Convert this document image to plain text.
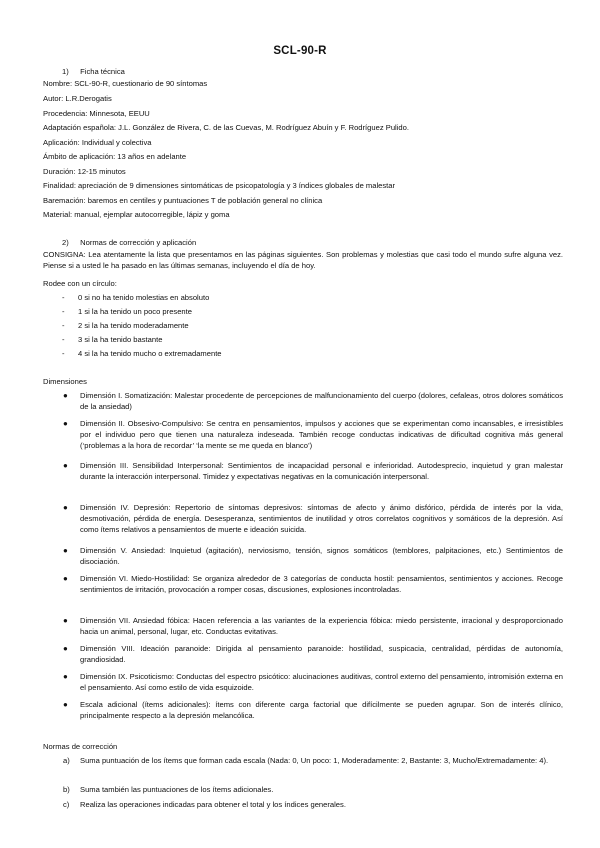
SCL-90-R
1) Ficha técnica
Nombre: SCL-90-R, cuestionario de 90 síntomas
Autor: L.R.Derogatis
Procedencia: Minnesota, EEUU
Adaptación española: J.L. González de Rivera, C. de las Cuevas, M. Rodríguez Abuín y F. Rodríguez Pulido.
Aplicación: Individual y colectiva
Ámbito de aplicación: 13 años en adelante
Duración: 12-15 minutos
Finalidad: apreciación de 9 dimensiones sintomáticas de psicopatología y 3 índices globales de malestar
Baremación: baremos en centiles y puntuaciones T de población general no clínica
Material: manual, ejemplar autocorregible, lápiz y goma
2) Normas de corrección y aplicación
CONSIGNA: Lea atentamente la lista que presentamos en las páginas siguientes. Son problemas y molestias que casi todo el mundo sufre alguna vez. Piense si a usted le ha pasado en las últimas semanas, incluyendo el día de hoy.
Rodee con un círculo:
- 0 si no ha tenido molestias en absoluto
- 1 si la ha tenido un poco presente
- 2 si la ha tenido moderadamente
- 3 si la ha tenido bastante
- 4 si la ha tenido mucho o extremadamente
Dimensiones
● Dimensión I. Somatización: Malestar procedente de percepciones de malfuncionamiento del cuerpo (dolores, cefaleas, otros dolores somáticos de la ansiedad)
● Dimensión II. Obsesivo-Compulsivo: Se centra en pensamientos, impulsos y acciones que se experimentan como incansables, e irresistibles por el individuo pero que tienen una naturaleza indeseada. También recoge conductas indicativas de dificultad cognitiva más general (‘problemas a la hora de recordar’ ‘la mente se me queda en blanco’)
● Dimensión III. Sensibilidad Interpersonal: Sentimientos de incapacidad personal e inferioridad. Autodesprecio, inquietud y gran malestar durante la interacción interpersonal. Timidez y expectativas negativas en la comunicación interpersonal.
● Dimensión IV. Depresión: Repertorio de síntomas depresivos: síntomas de afecto y ánimo disfórico, pérdida de interés por la vida, desmotivación, pérdida de energía. Desesperanza, sentimientos de inutilidad y otros correlatos cognitivos y somáticos de la depresión. Así como ítems relativos a pensamientos de muerte e ideación suicida.
● Dimensión V. Ansiedad: Inquietud (agitación), nerviosismo, tensión, signos somáticos (temblores, palpitaciones, etc.) Sentimientos de disociación.
● Dimensión VI. Miedo-Hostilidad: Se organiza alrededor de 3 categorías de conducta hostil: pensamientos, sentimientos y acciones. Recoge sentimientos de irritación, provocación a romper cosas, discusiones, explosiones incontroladas.
● Dimensión VII. Ansiedad fóbica: Hacen referencia a las variantes de la experiencia fóbica: miedo persistente, irracional y desproporcionado hacia un animal, personal, lugar, etc. Conductas evitativas.
● Dimensión VIII. Ideación paranoide: Dirigida al pensamiento paranoide: hostilidad, suspicacia, centralidad, pérdidas de autonomía, grandiosidad.
● Dimensión IX. Psicoticismo: Conductas del espectro psicótico: alucinaciones auditivas, control externo del pensamiento, intromisión externa en el pensamiento. Así como estilo de vida esquizoide.
● Escala adicional (ítems adicionales): ítems con diferente carga factorial que difícilmente se pueden agrupar. Son de interés clínico, principalmente respecto a la depresión melancólica.
Normas de corrección
a) Suma puntuación de los ítems que forman cada escala (Nada: 0, Un poco: 1, Moderadamente: 2, Bastante: 3, Mucho/Extremadamente: 4).
b) Suma también las puntuaciones de los ítems adicionales.
c) Realiza las operaciones indicadas para obtener el total y los índices generales.
